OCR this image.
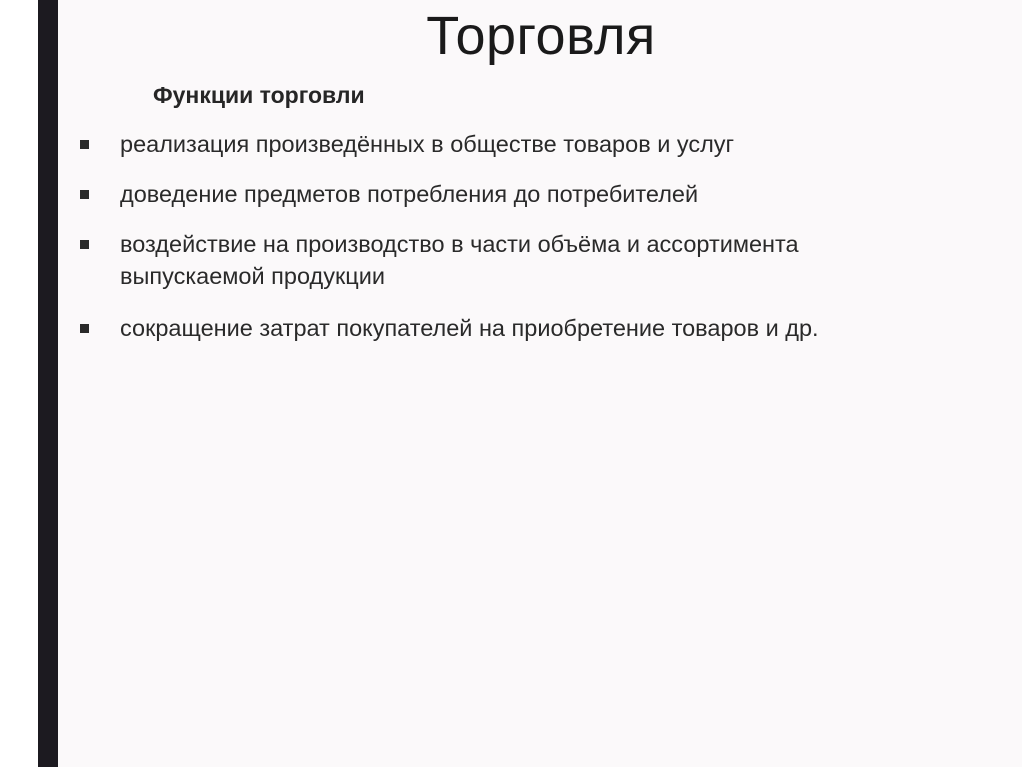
Торговля
Функции торговли
реализация произведённых в обществе товаров и услуг
доведение предметов потребления до потребителей
воздействие на производство в части объёма и ассортимента выпускаемой продукции
сокращение затрат покупателей на приобретение товаров и др.
